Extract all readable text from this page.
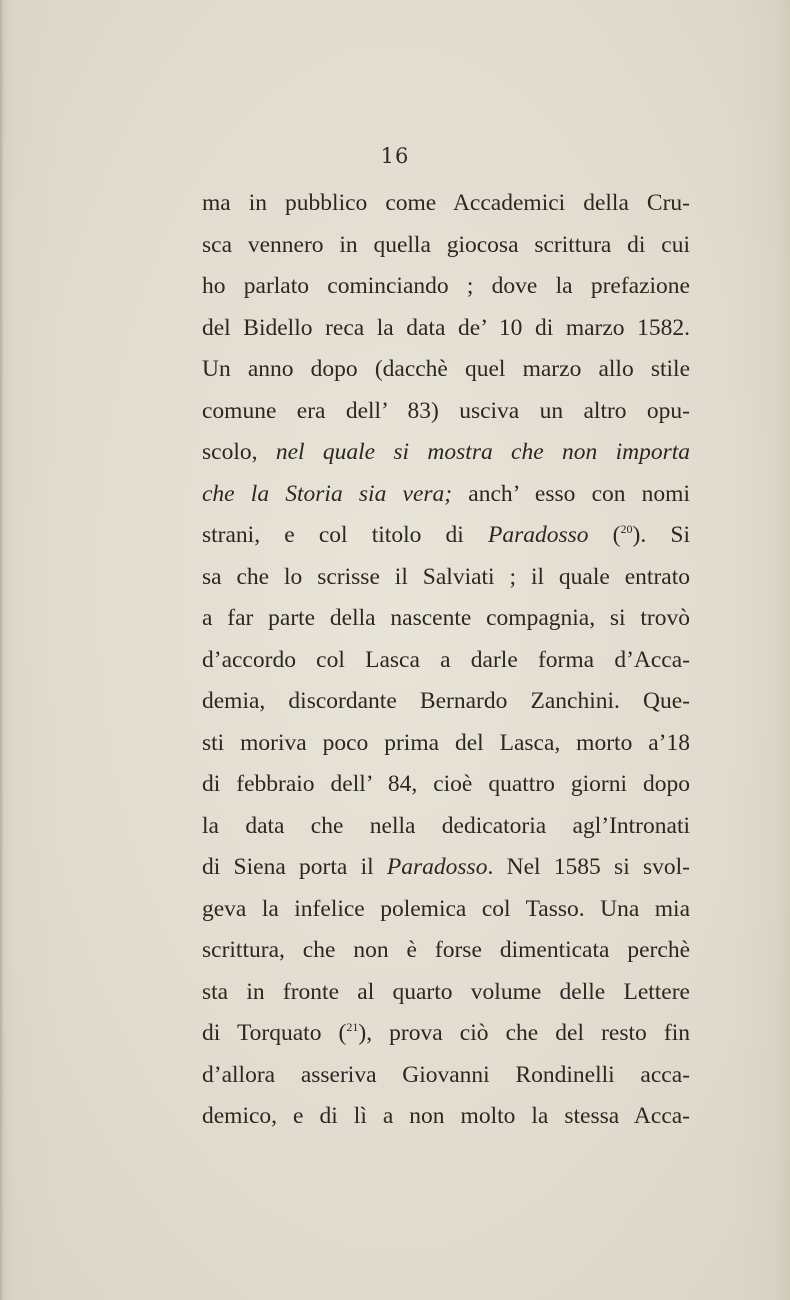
16
ma in pubblico come Accademici della Cru-
sca vennero in quella giocosa scrittura di cui
ho parlato cominciando ; dove la prefazione
del Bidello reca la data de’ 10 di marzo 1582.
Un anno dopo (dacchè quel marzo allo stile
comune era dell’ 83) usciva un altro opu-
scolo, nel quale si mostra che non importa
che la Storia sia vera; anch’ esso con nomi
strani, e col titolo di Paradosso ($^{20}$). Si
sa che lo scrisse il Salviati ; il quale entrato
a far parte della nascente compagnia, si trovò
d’accordo col Lasca a darle forma d’Acca-
demia, discordante Bernardo Zanchini. Que-
sti moriva poco prima del Lasca, morto a’18
di febbraio dell’ 84, cioè quattro giorni dopo
la data che nella dedicatoria agl’Intronati
di Siena porta il Paradosso. Nel 1585 si svol-
geva la infelice polemica col Tasso. Una mia
scrittura, che non è forse dimenticata perchè
sta in fronte al quarto volume delle Lettere
di Torquato ($^{21}$), prova ciò che del resto fin
d’allora asseriva Giovanni Rondinelli acca-
demico, e di lì a non molto la stessa Acca-
